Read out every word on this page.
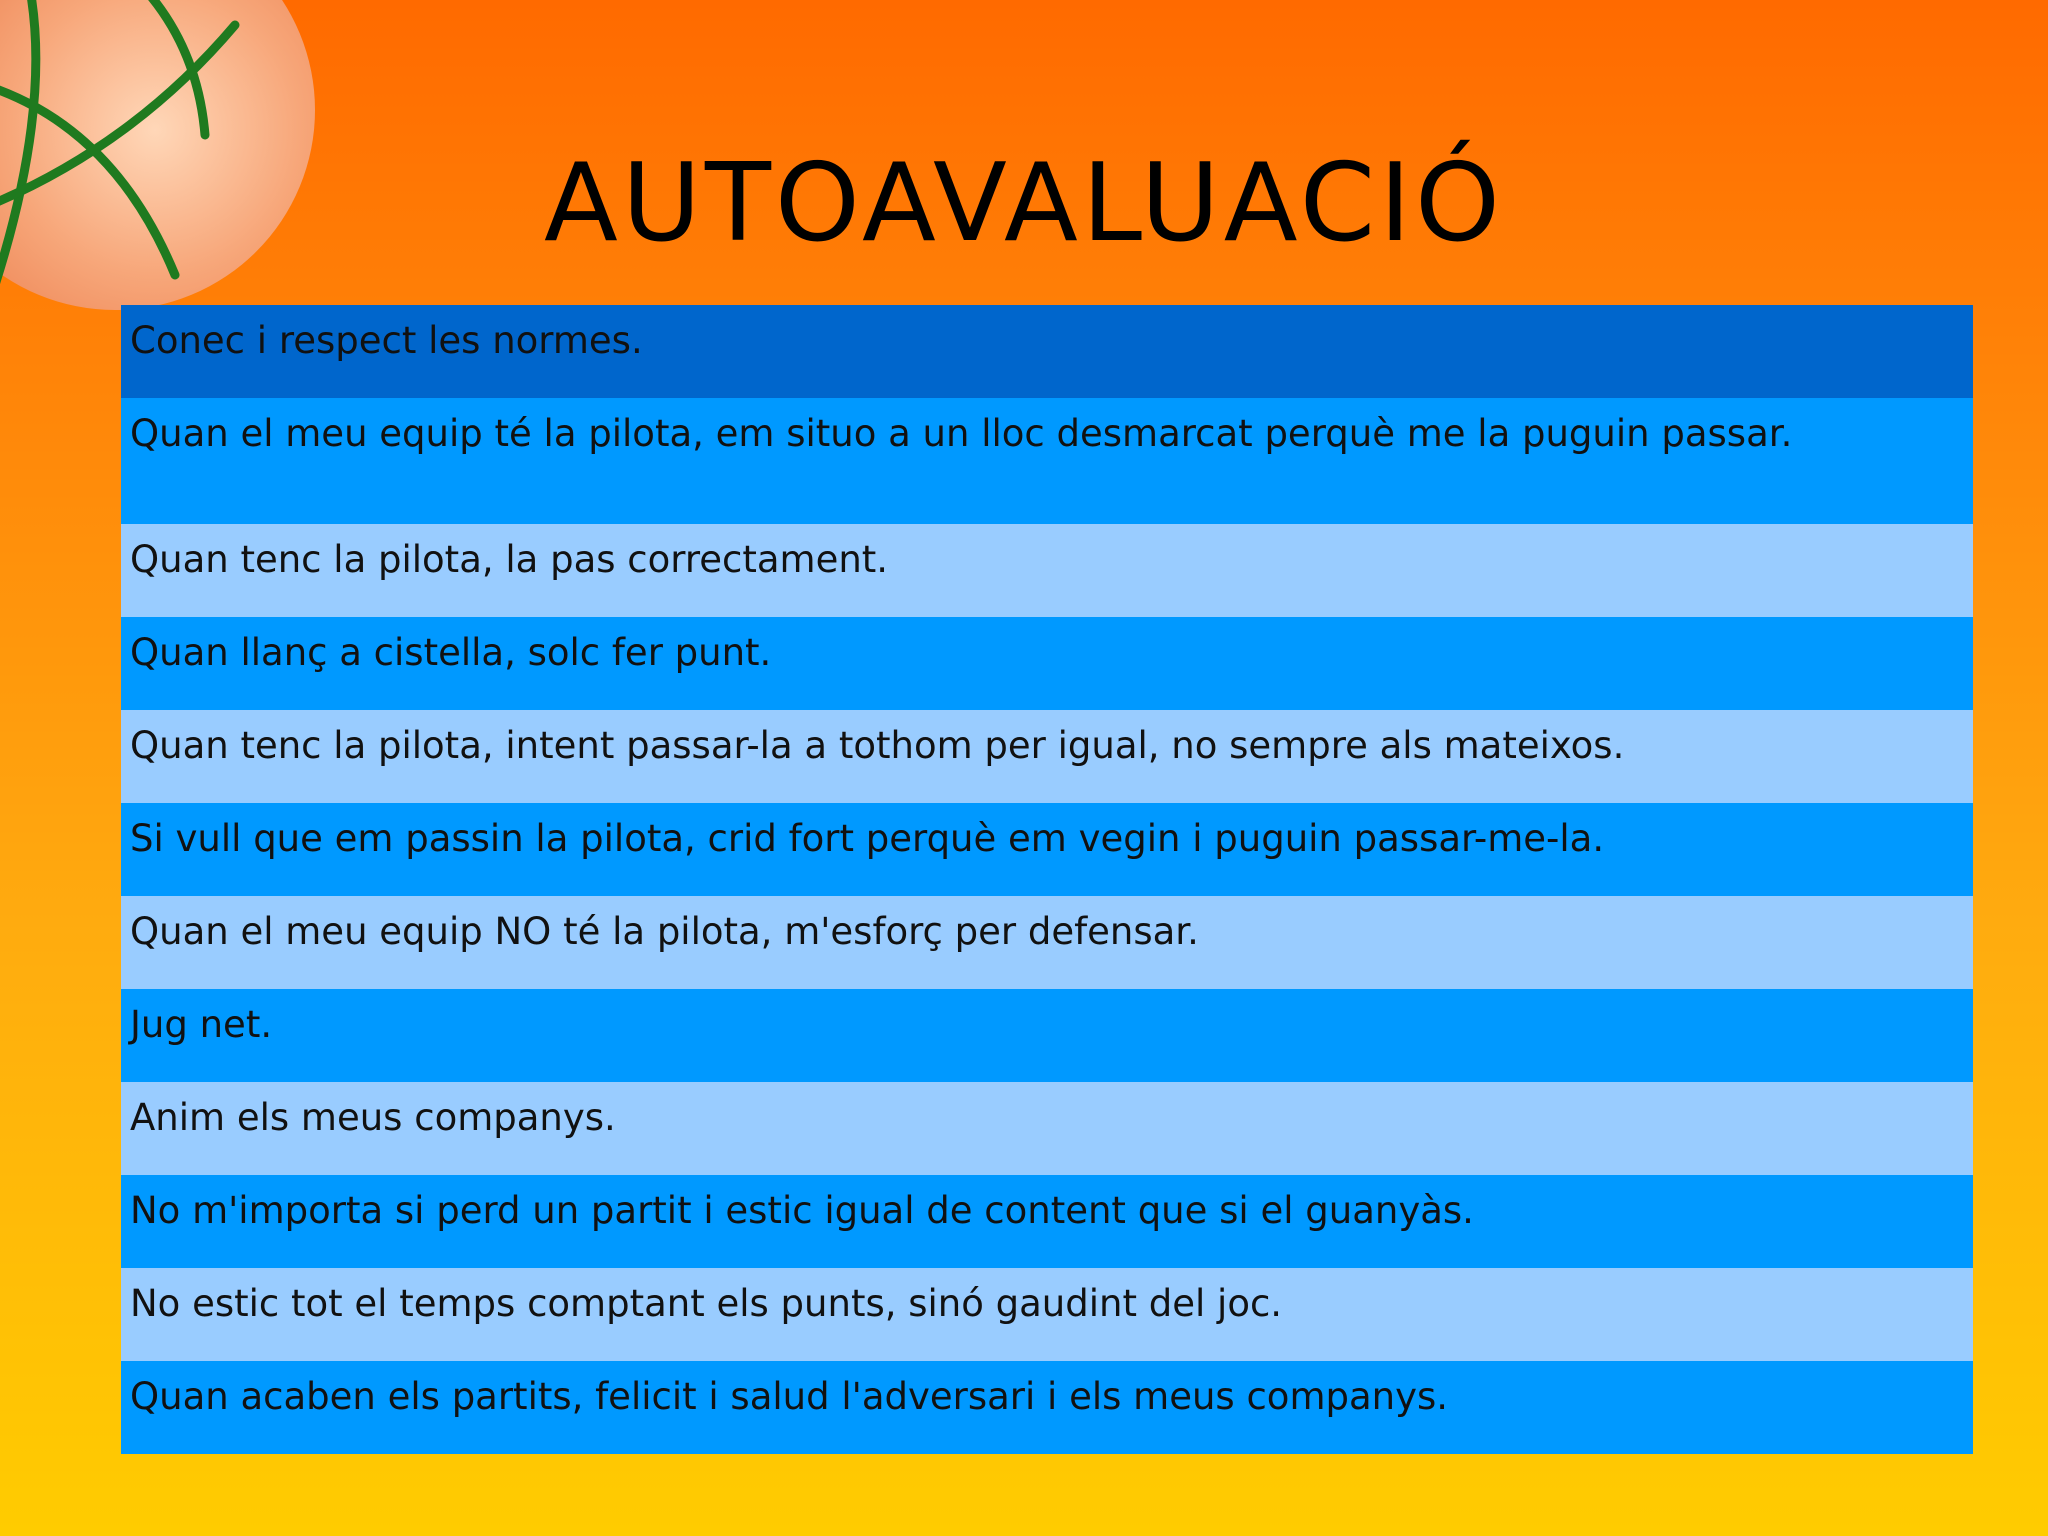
AUTOAVALUACIÓ
Conec i respect les normes.
Quan el meu equip té la pilota, em situo a un lloc desmarcat perquè me la puguin passar.
Quan tenc la pilota, la pas correctament.
Quan llanç a cistella, solc fer punt.
Quan tenc la pilota, intent passar-la a tothom per igual, no sempre als mateixos.
Si vull que em passin la pilota, crid fort perquè em vegin i puguin passar-me-la.
Quan el meu equip NO té la pilota, m'esforç per defensar.
Jug net.
Anim els meus companys.
No m'importa si perd un partit i estic igual de content que si el guanyàs.
No estic tot el temps comptant els punts, sinó gaudint del joc.
Quan acaben els partits, felicit i salud l'adversari i els meus companys.
